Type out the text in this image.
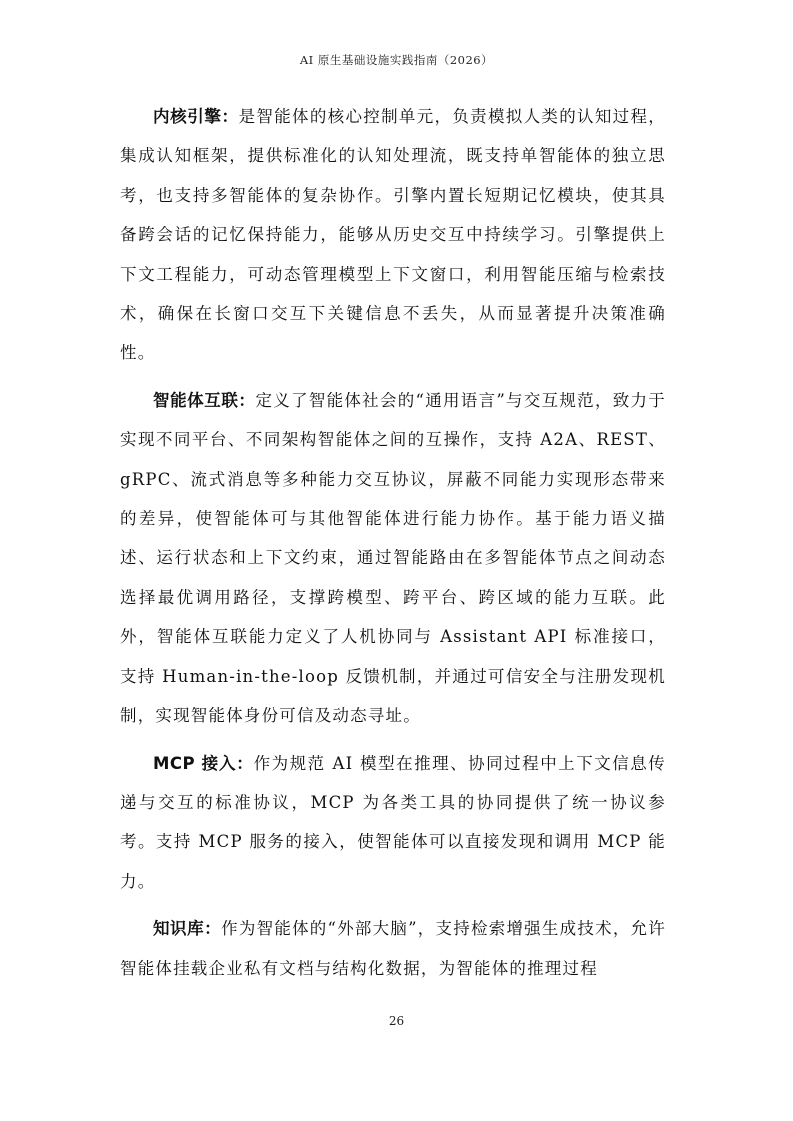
AI 原生基础设施实践指南（2026）

内核引擎：是智能体的核心控制单元，负责模拟人类的认知过程，集成认知框架，提供标准化的认知处理流，既支持单智能体的独立思考，也支持多智能体的复杂协作。引擎内置长短期记忆模块，使其具备跨会话的记忆保持能力，能够从历史交互中持续学习。引擎提供上下文工程能力，可动态管理模型上下文窗口，利用智能压缩与检索技术，确保在长窗口交互下关键信息不丢失，从而显著提升决策准确性。

智能体互联：定义了智能体社会的“通用语言”与交互规范，致力于实现不同平台、不同架构智能体之间的互操作，支持 A2A、REST、gRPC、流式消息等多种能力交互协议，屏蔽不同能力实现形态带来的差异，使智能体可与其他智能体进行能力协作。基于能力语义描述、运行状态和上下文约束，通过智能路由在多智能体节点之间动态选择最优调用路径，支撑跨模型、跨平台、跨区域的能力互联。此外，智能体互联能力定义了人机协同与 Assistant API 标准接口，支持 Human-in-the-loop 反馈机制，并通过可信安全与注册发现机制，实现智能体身份可信及动态寻址。

MCP 接入：作为规范 AI 模型在推理、协同过程中上下文信息传递与交互的标准协议，MCP 为各类工具的协同提供了统一协议参考。支持 MCP 服务的接入，使智能体可以直接发现和调用 MCP 能力。

知识库：作为智能体的“外部大脑”，支持检索增强生成技术，允许智能体挂载企业私有文档与结构化数据，为智能体的推理过程

26
